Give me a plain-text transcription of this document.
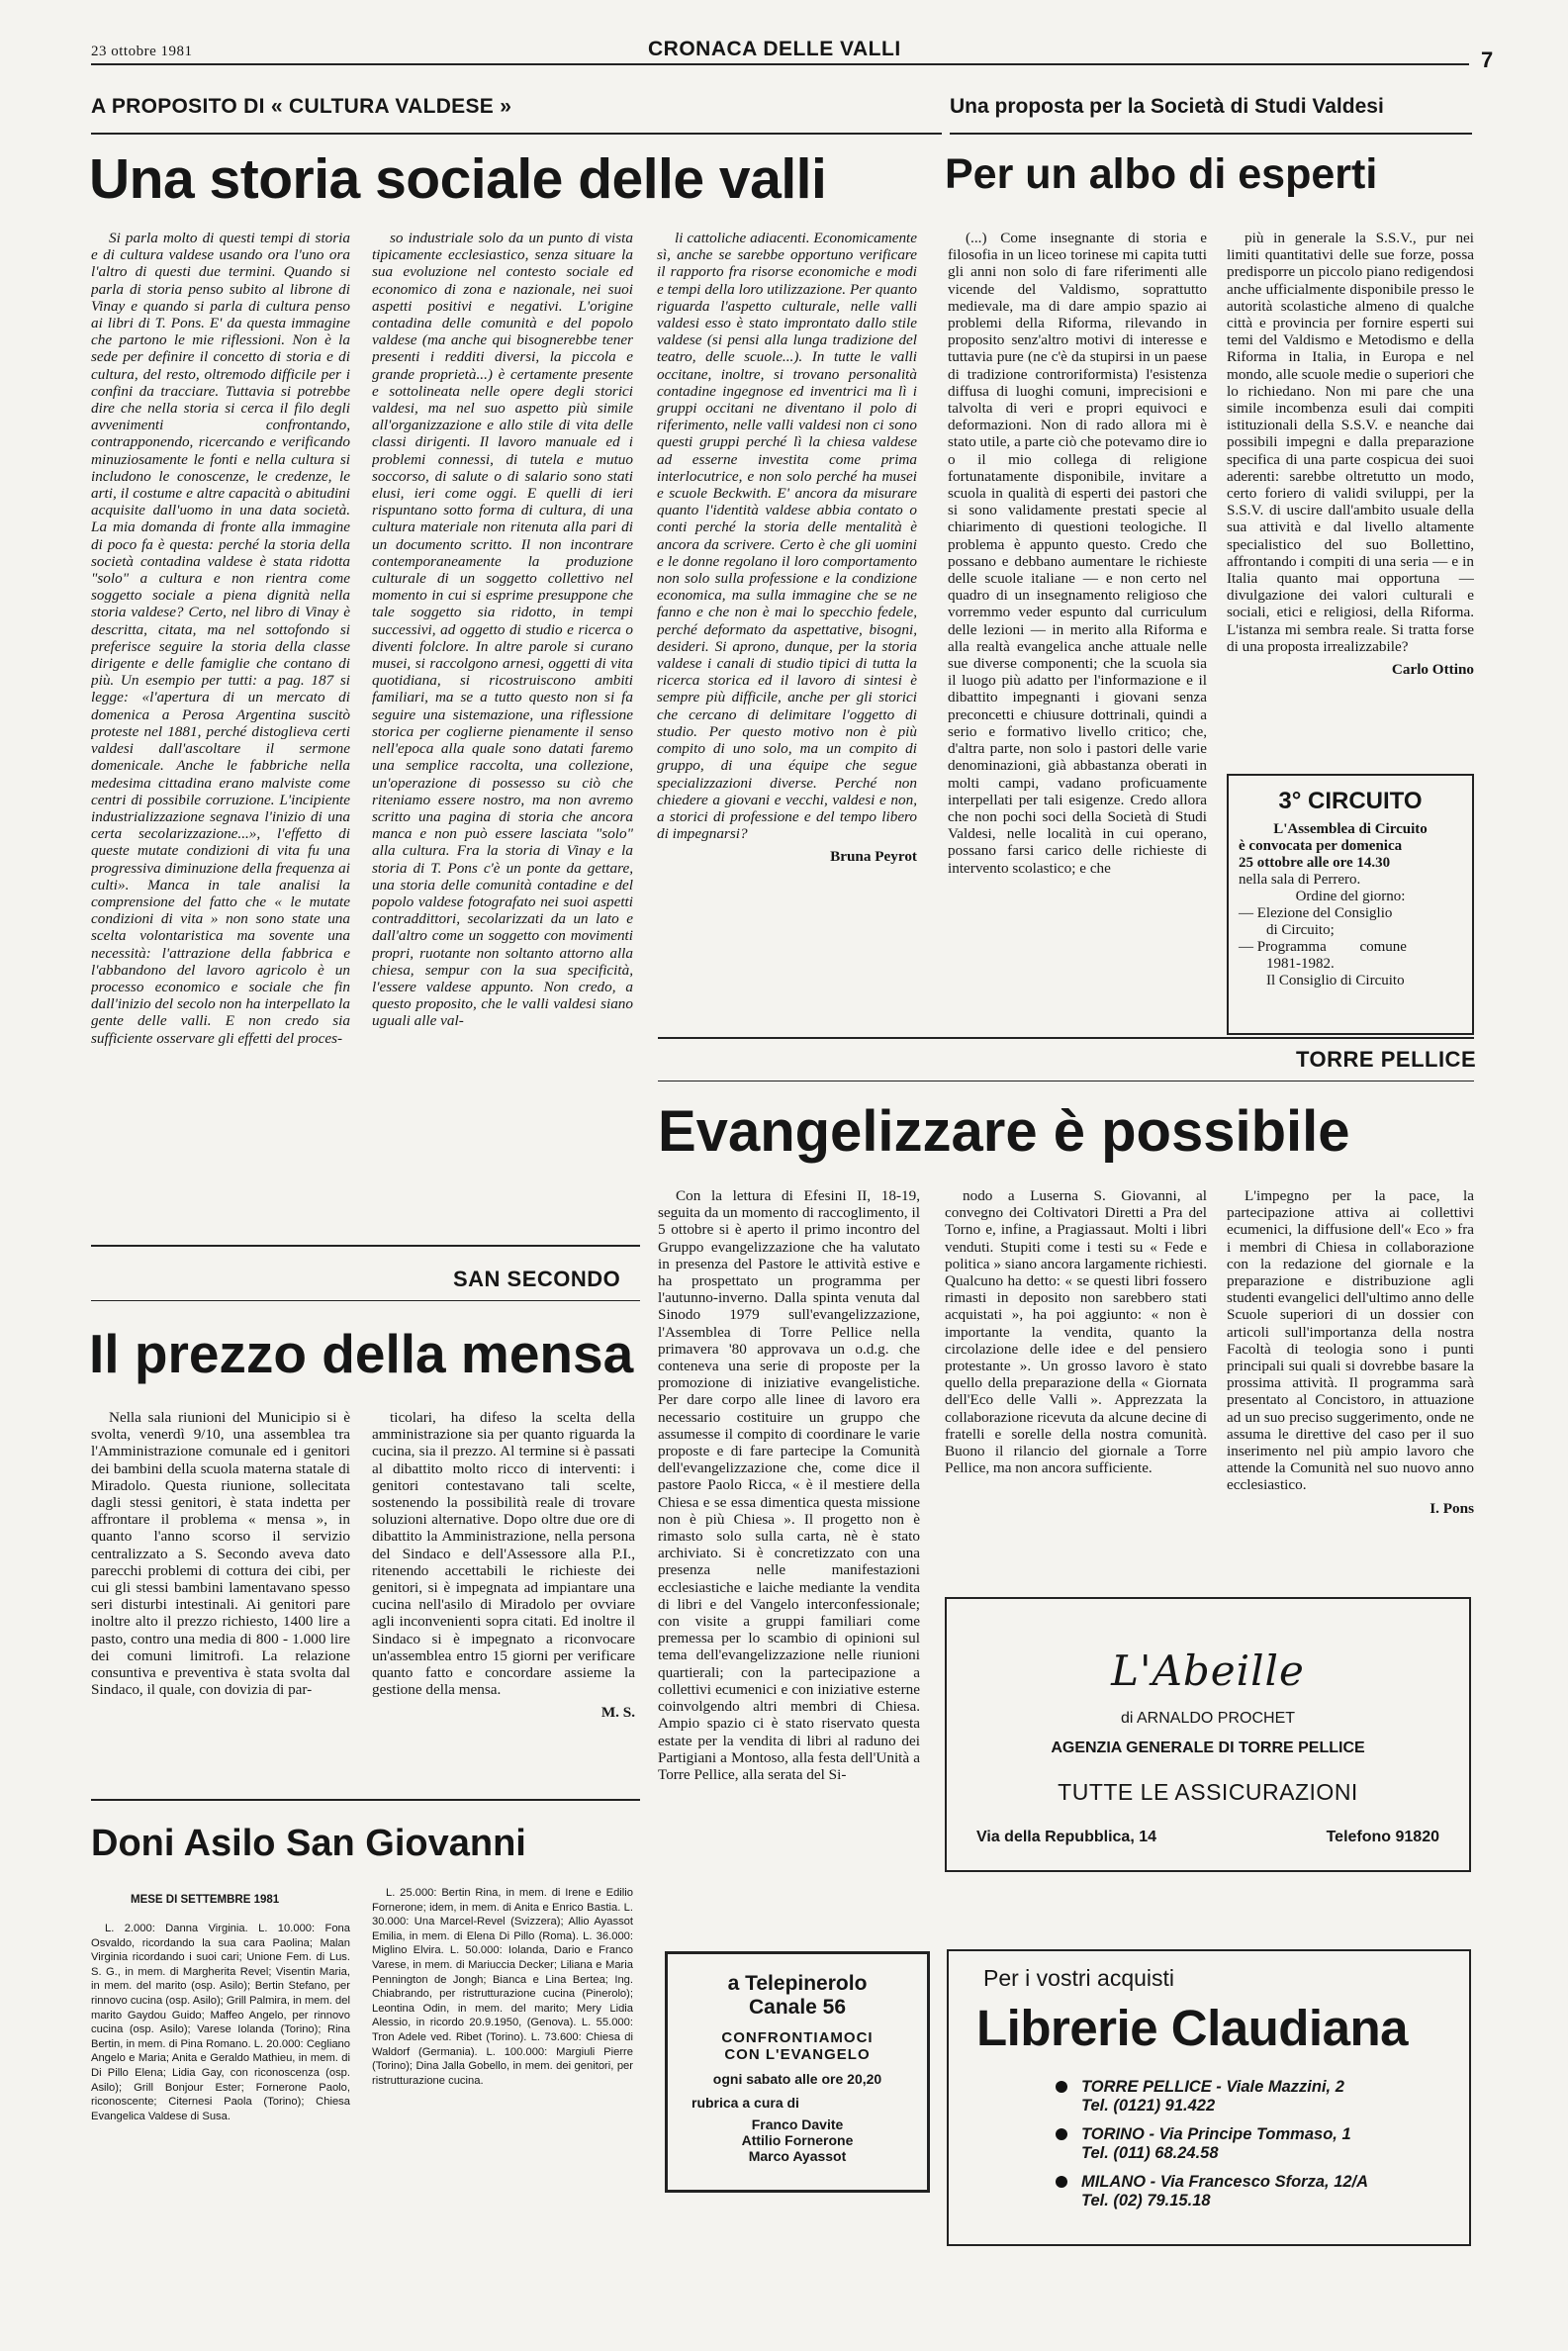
23 ottobre 1981	CRONACA DELLE VALLI	7
A PROPOSITO DI « CULTURA VALDESE »
Una storia sociale delle valli

Si parla molto di questi tempi di storia e di cultura valdese usando ora l'uno ora l'altro di questi due termini. Quando si parla di storia penso subito al librone di Vinay e quando si parla di cultura penso ai libri di T. Pons. E' da questa immagine che partono le mie riflessioni. Non è la sede per definire il concetto di storia e di cultura, del resto, oltremodo difficile per i confini da tracciare. Tuttavia si potrebbe dire che nella storia si cerca il filo degli avvenimenti confrontando, contrapponendo, ricercando e verificando minuziosamente le fonti e nella cultura si includono le conoscenze, le credenze, le arti, il costume e altre capacità o abitudini acquisite dall'uomo in una data società. La mia domanda di fronte alla immagine di poco fa è questa: perché la storia della società contadina valdese è stata ridotta "solo" a cultura e non rientra come soggetto sociale a piena dignità nella storia valdese? Certo, nel libro di Vinay è descritta, citata, ma nel sottofondo si preferisce seguire la storia della classe dirigente e delle famiglie che contano di più. Un esempio per tutti: a pag. 187 si legge: «l'apertura di un mercato di domenica a Perosa Argentina suscitò proteste nel 1881, perché distoglieva certi valdesi dall'ascoltare il sermone domenicale. Anche le fabbriche nella medesima cittadina erano malviste come centri di possibile corruzione. L'incipiente industrializzazione segnava l'inizio di una certa secolarizzazione...», l'effetto di queste mutate condizioni di vita fu una progressiva diminuzione della frequenza ai culti». Manca in tale analisi la comprensione del fatto che « le mutate condizioni di vita » non sono state una scelta volontaristica ma sovente una necessità: l'attrazione della fabbrica e l'abbandono del lavoro agricolo è un processo economico e sociale che fin dall'inizio del secolo non ha interpellato la gente delle valli. E non credo sia sufficiente osservare gli effetti del proces-

so industriale solo da un punto di vista tipicamente ecclesiastico, senza situare la sua evoluzione nel contesto sociale ed economico di zona e nazionale, nei suoi aspetti positivi e negativi. L'origine contadina delle comunità e del popolo valdese (ma anche qui bisognerebbe tener presenti i redditi diversi, la piccola e grande proprietà...) è certamente presente e sottolineata nelle opere degli storici valdesi, ma nel suo aspetto più simile all'organizzazione e allo stile di vita delle classi dirigenti. Il lavoro manuale ed i problemi connessi, di tutela e mutuo soccorso, di salute o di salario sono stati elusi, ieri come oggi. E quelli di ieri rispuntano sotto forma di cultura, di una cultura materiale non ritenuta alla pari di un documento scritto. Il non incontrare contemporaneamente la produzione culturale di un soggetto collettivo nel momento in cui si esprime presuppone che tale soggetto sia ridotto, in tempi successivi, ad oggetto di studio e ricerca o diventi folclore. In altre parole si curano musei, si raccolgono arnesi, oggetti di vita quotidiana, si ricostruiscono ambiti familiari, ma se a tutto questo non si fa seguire una sistemazione, una riflessione storica per coglierne pienamente il senso nell'epoca alla quale sono datati faremo una semplice raccolta, una collezione, un'operazione di possesso su ciò che riteniamo essere nostro, ma non avremo scritto una pagina di storia che ancora manca e non può essere lasciata "solo" alla cultura. Fra la storia di Vinay e la storia di T. Pons c'è un ponte da gettare, una storia delle comunità contadine e del popolo valdese fotografato nei suoi aspetti contraddittori, secolarizzati da un lato e dall'altro come un soggetto con movimenti propri, ruotante non soltanto attorno alla chiesa, sempur con la sua specificità, l'essere valdese appunto. Non credo, a questo proposito, che le valli valdesi siano uguali alle val-

li cattoliche adiacenti. Economicamente sì, anche se sarebbe opportuno verificare il rapporto fra risorse economiche e modi e tempi della loro utilizzazione. Per quanto riguarda l'aspetto culturale, nelle valli valdesi esso è stato improntato dallo stile valdese (si pensi alla lunga tradizione del teatro, delle scuole...). In tutte le valli occitane, inoltre, si trovano personalità contadine ingegnose ed inventrici ma lì i gruppi occitani ne diventano il polo di riferimento, nelle valli valdesi non ci sono questi gruppi perché lì la chiesa valdese ad esserne investita come prima interlocutrice, e non solo perché ha musei e scuole Beckwith. E' ancora da misurare quanto l'identità valdese abbia contato o conti perché la storia delle mentalità è ancora da scrivere. Certo è che gli uomini e le donne regolano il loro comportamento non solo sulla professione e la condizione economica, ma sulla immagine che se ne fanno e che non è mai lo specchio fedele, perché deformato da aspettative, bisogni, desideri. Si aprono, dunque, per la storia valdese i canali di studio tipici di tutta la ricerca storica ed il lavoro di sintesi è sempre più difficile, anche per gli storici che cercano di delimitare l'oggetto di studio. Per questo motivo non è più compito di uno solo, ma un compito di gruppo, di una équipe che segue specializzazioni diverse. Perché non chiedere a giovani e vecchi, valdesi e non, a storici di professione e del tempo libero di impegnarsi?

Bruna Peyrot

Una proposta per la Società di Studi Valdesi
Per un albo di esperti

(...) Come insegnante di storia e filosofia in un liceo torinese mi capita tutti gli anni non solo di fare riferimenti alle vicende del Valdismo, soprattutto medievale, ma di dare ampio spazio ai problemi della Riforma, rilevando in proposito senz'altro motivi di interesse e tuttavia pure (ne c'è da stupirsi in un paese di tradizione controriformista) l'esistenza diffusa di luoghi comuni, imprecisioni e talvolta di veri e propri equivoci e deformazioni. Non di rado allora mi è stato utile, a parte ciò che potevamo dire io o il mio collega di religione fortunatamente disponibile, invitare a scuola in qualità di esperti dei pastori che si sono validamente prestati specie al chiarimento di questioni teologiche. Il problema è appunto questo. Credo che possano e debbano aumentare le richieste delle scuole italiane — e non certo nel quadro di un insegnamento religioso che vorremmo veder espunto dal curriculum delle lezioni — in merito alla Riforma e alla realtà evangelica anche attuale nelle sue diverse componenti; che la scuola sia il luogo più adatto per l'informazione e il dibattito impegnanti i giovani senza preconcetti e chiusure dottrinali, quindi a serio e formativo livello critico; che, d'altra parte, non solo i pastori delle varie denominazioni, già abbastanza oberati in molti campi, vadano proficuamente interpellati per tali esigenze. Credo allora che non pochi soci della Società di Studi Valdesi, nelle località in cui operano, possano farsi carico delle richieste di intervento scolastico; e che

più in generale la S.S.V., pur nei limiti quantitativi delle sue forze, possa predisporre un piccolo piano redigendosi anche ufficialmente disponibile presso le autorità scolastiche almeno di qualche città e provincia per fornire esperti sui temi del Valdismo e Metodismo e della Riforma in Italia, in Europa e nel mondo, alle scuole medie o superiori che lo richiedano. Non mi pare che una simile incombenza esuli dai compiti istituzionali della S.S.V. e neanche dai possibili impegni e dalla preparazione specifica di una parte cospicua dei suoi aderenti: sarebbe oltretutto un modo, certo foriero di validi sviluppi, per la S.S.V. di uscire dall'ambito usuale della sua attività e dal livello altamente specialistico del suo Bollettino, affrontando i compiti di una seria — e in Italia quanto mai opportuna — divulgazione dei valori culturali e sociali, etici e religiosi, della Riforma. L'istanza mi sembra reale. Si tratta forse di una proposta irrealizzabile?

Carlo Ottino

3° CIRCUITO
L'Assemblea di Circuito
è convocata per domenica
25 ottobre alle ore 14.30
nella sala di Perrero.
Ordine del giorno:
— Elezione del Consiglio
di Circuito;
— Programma         comune
1981-1982.
Il Consiglio di Circuito
TORRE PELLICE
Evangelizzare è possibile

Con la lettura di Efesini II, 18-19, seguita da un momento di raccoglimento, il 5 ottobre si è aperto il primo incontro del Gruppo evangelizzazione che ha valutato in presenza del Pastore le attività estive e ha prospettato un programma per l'autunno-inverno. Dalla spinta venuta dal Sinodo 1979 sull'evangelizzazione, l'Assemblea di Torre Pellice nella primavera '80 approvava un o.d.g. che conteneva una serie di proposte per la promozione di iniziative evangelistiche. Per dare corpo alle linee di lavoro era necessario costituire un gruppo che assumesse il compito di coordinare le varie proposte e di fare partecipe la Comunità dell'evangelizzazione che, come dice il pastore Paolo Ricca, « è il mestiere della Chiesa e se essa dimentica questa missione non è più Chiesa ». Il progetto non è rimasto solo sulla carta, nè è stato archiviato. Si è concretizzato con una presenza nelle manifestazioni ecclesiastiche e laiche mediante la vendita di libri e del Vangelo interconfessionale; con visite a gruppi familiari come premessa per lo scambio di opinioni sul tema dell'evangelizzazione nelle riunioni quartierali; con la partecipazione a collettivi ecumenici e con iniziative esterne coinvolgendo altri membri di Chiesa. Ampio spazio ci è stato riservato questa estate per la vendita di libri al raduno dei Partigiani a Montoso, alla festa dell'Unità a Torre Pellice, alla serata del Si-

nodo a Luserna S. Giovanni, al convegno dei Coltivatori Diretti a Pra del Torno e, infine, a Pragiassaut. Molti i libri venduti. Stupiti come i testi su « Fede e politica » siano ancora largamente richiesti. Qualcuno ha detto: « se questi libri fossero rimasti in deposito non sarebbero stati acquistati », ha poi aggiunto: « non è importante la vendita, quanto la circolazione delle idee e del pensiero protestante ». Un grosso lavoro è stato quello della preparazione della « Giornata dell'Eco delle Valli ». Apprezzata la collaborazione ricevuta da alcune decine di fratelli e sorelle della nostra comunità. Buono il rilancio del giornale a Torre Pellice, ma non ancora sufficiente.

L'impegno per la pace, la partecipazione attiva ai collettivi ecumenici, la diffusione dell'« Eco » fra i membri di Chiesa in collaborazione con la redazione del giornale e la preparazione e distribuzione agli studenti evangelici dell'ultimo anno delle Scuole superiori di un dossier con articoli sull'importanza della nostra Facoltà di teologia sono i punti principali sui quali si dovrebbe basare la prossima attività. Il programma sarà presentato al Concistoro, in attuazione ad un suo preciso suggerimento, onde ne assuma le direttive del caso per il suo inserimento nel più ampio lavoro che attende la Comunità nel suo nuovo anno ecclesiastico.

I. Pons

L'Abeille
di ARNALDO PROCHET
AGENZIA GENERALE DI TORRE PELLICE
TUTTE LE ASSICURAZIONI
Via della Repubblica, 14	Telefono 91820
a Telepinerolo
Canale 56
CONFRONTIAMOCI
CON L'EVANGELO
ogni sabato alle ore 20,20
rubrica a cura di
Franco Davite
Attilio Fornerone
Marco Ayassot
Per i vostri acquisti
Librerie Claudiana
TORRE PELLICE - Viale Mazzini, 2
Tel. (0121) 91.422
TORINO - Via Principe Tommaso, 1
Tel. (011) 68.24.58
MILANO - Via Francesco Sforza, 12/A
Tel. (02) 79.15.18
SAN SECONDO
Il prezzo della mensa

Nella sala riunioni del Municipio si è svolta, venerdì 9/10, una assemblea tra l'Amministrazione comunale ed i genitori dei bambini della scuola materna statale di Miradolo. Questa riunione, sollecitata dagli stessi genitori, è stata indetta per affrontare il problema « mensa », in quanto l'anno scorso il servizio centralizzato a S. Secondo aveva dato parecchi problemi di cottura dei cibi, per cui gli stessi bambini lamentavano spesso seri disturbi intestinali. Ai genitori pare inoltre alto il prezzo richiesto, 1400 lire a pasto, contro una media di 800 - 1.000 lire dei comuni limitrofi. La relazione consuntiva e preventiva è stata svolta dal Sindaco, il quale, con dovizia di par-

ticolari, ha difeso la scelta della amministrazione sia per quanto riguarda la cucina, sia il prezzo. Al termine si è passati al dibattito molto ricco di interventi: i genitori contestavano tali scelte, sostenendo la possibilità reale di trovare soluzioni alternative. Dopo oltre due ore di dibattito la Amministrazione, nella persona del Sindaco e dell'Assessore alla P.I., ritenendo accettabili le richieste dei genitori, si è impegnata ad impiantare una cucina nell'asilo di Miradolo per ovviare agli inconvenienti sopra citati. Ed inoltre il Sindaco si è impegnato a riconvocare un'assemblea entro 15 giorni per verificare quanto fatto e concordare assieme la gestione della mensa.

M. S.

Doni Asilo San Giovanni
MESE DI SETTEMBRE 1981

L. 2.000: Danna Virginia. L. 10.000: Fona Osvaldo, ricordando la sua cara Paolina; Malan Virginia ricordando i suoi cari; Unione Fem. di Lus. S. G., in mem. di Margherita Revel; Visentin Maria, in mem. del marito (osp. Asilo); Bertin Stefano, per rinnovo cucina (osp. Asilo); Grill Palmira, in mem. del marito Gaydou Guido; Maffeo Angelo, per rinnovo cucina (osp. Asilo); Varese Iolanda (Torino); Rina Bertin, in mem. di Pina Romano. L. 20.000: Cegliano Angelo e Maria; Anita e Geraldo Mathieu, in mem. di Di Pillo Elena; Lidia Gay, con riconoscenza (osp. Asilo); Grill Bonjour Ester; Fornerone Paolo, riconoscente; Citernesi Paola (Torino); Chiesa Evangelica Valdese di Susa.

L. 25.000: Bertin Rina, in mem. di Irene e Edilio Fornerone; idem, in mem. di Anita e Enrico Bastia. L. 30.000: Una Marcel-Revel (Svizzera); Allio Ayassot Emilia, in mem. di Elena Di Pillo (Roma). L. 36.000: Miglino Elvira. L. 50.000: Iolanda, Dario e Franco Varese, in mem. di Mariuccia Decker; Liliana e Maria Pennington de Jongh; Bianca e Lina Bertea; Ing. Chiabrando, per ristrutturazione cucina (Pinerolo); Leontina Odin, in mem. del marito; Mery Lidia Alessio, in ricordo 20.9.1950, (Genova). L. 55.000: Tron Adele ved. Ribet (Torino). L. 73.600: Chiesa di Waldorf (Germania). L. 100.000: Margiuli Pierre (Torino); Dina Jalla Gobello, in mem. dei genitori, per ristrutturazione cucina.
